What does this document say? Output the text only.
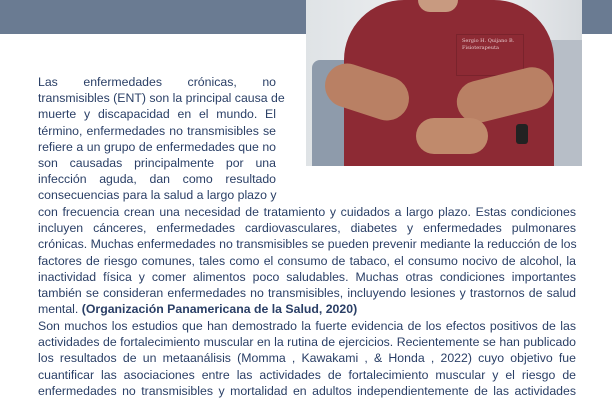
Sergio H. Quijano B. Fisioterapeuta
Las enfermedades crónicas, no
transmisibles (ENT) son la principal causa de
muerte y discapacidad en el mundo. El
término, enfermedades no transmisibles se
refiere a un grupo de enfermedades que no
son causadas principalmente por una
infección aguda, dan como resultado
consecuencias para la salud a largo plazo y
con frecuencia crean una necesidad de tratamiento y cuidados a largo plazo. Estas condiciones
incluyen cánceres, enfermedades cardiovasculares, diabetes y enfermedades pulmonares
crónicas. Muchas enfermedades no transmisibles se pueden prevenir mediante la reducción de los
factores de riesgo comunes, tales como el consumo de tabaco, el consumo nocivo de alcohol, la
inactividad física y comer alimentos poco saludables. Muchas otras condiciones importantes
también se consideran enfermedades no transmisibles, incluyendo lesiones y trastornos de salud
mental. (Organización Panamericana de la Salud, 2020)
Son muchos los estudios que han demostrado la fuerte evidencia de los efectos positivos de las
actividades de fortalecimiento muscular en la rutina de ejercicios. Recientemente se han publicado
los resultados de un metaanálisis (Momma , Kawakami , & Honda , 2022) cuyo objetivo fue
cuantificar las asociaciones entre las actividades de fortalecimiento muscular y el riesgo de
enfermedades no transmisibles y mortalidad en adultos independientemente de las actividades
